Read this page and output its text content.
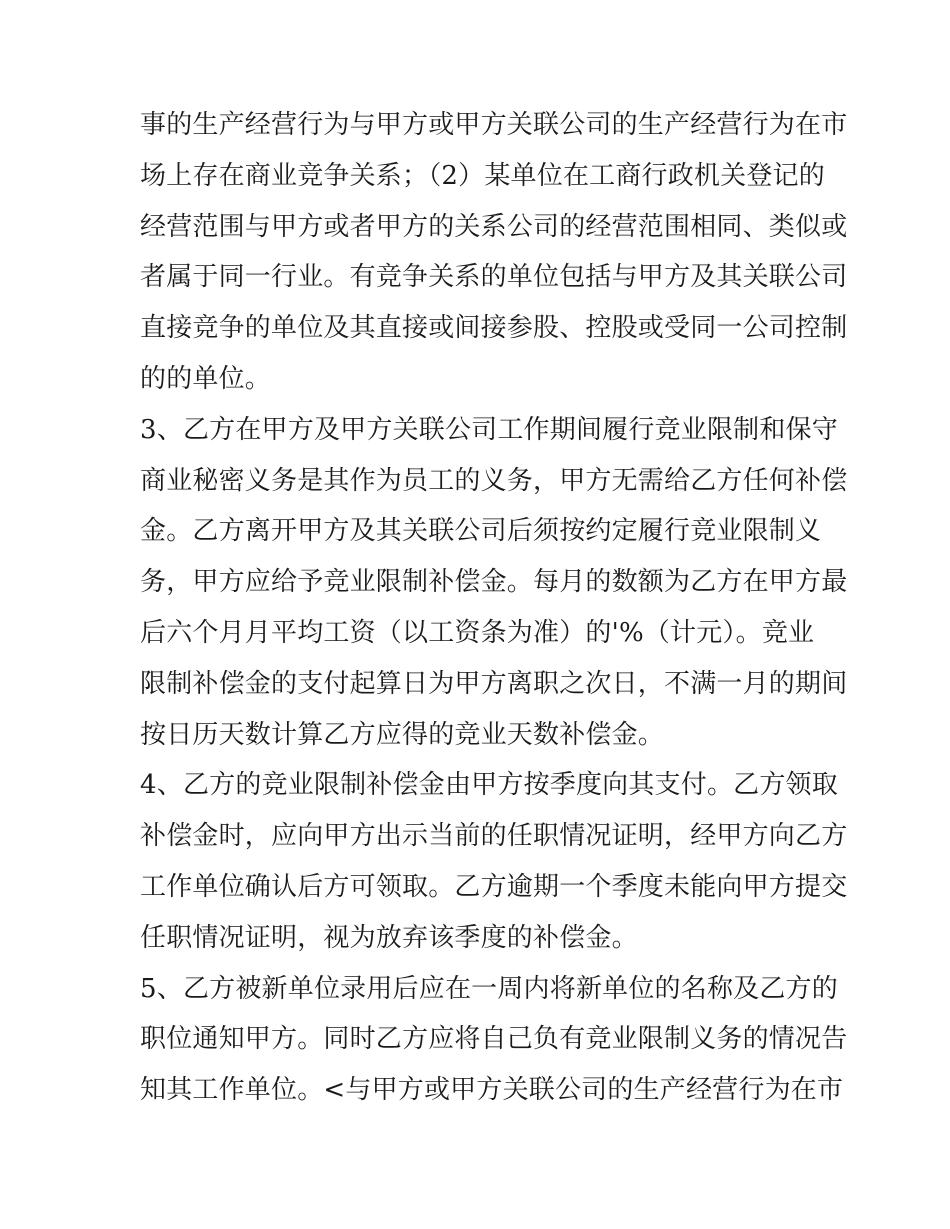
事的生产经营行为与甲方或甲方关联公司的生产经营行为在市
场上存在商业竞争关系；（2）某单位在工商行政机关登记的
经营范围与甲方或者甲方的关系公司的经营范围相同、类似或
者属于同一行业。有竞争关系的单位包括与甲方及其关联公司
直接竞争的单位及其直接或间接参股、控股或受同一公司控制
的的单位。
3、乙方在甲方及甲方关联公司工作期间履行竞业限制和保守
商业秘密义务是其作为员工的义务，甲方无需给乙方任何补偿
金。乙方离开甲方及其关联公司后须按约定履行竞业限制义
务，甲方应给予竞业限制补偿金。每月的数额为乙方在甲方最
后六个月月平均工资（以工资条为准）的'%（计元）。竞业
限制补偿金的支付起算日为甲方离职之次日，不满一月的期间
按日历天数计算乙方应得的竞业天数补偿金。
4、乙方的竞业限制补偿金由甲方按季度向其支付。乙方领取
补偿金时，应向甲方出示当前的任职情况证明，经甲方向乙方
工作单位确认后方可领取。乙方逾期一个季度未能向甲方提交
任职情况证明，视为放弃该季度的补偿金。
5、乙方被新单位录用后应在一周内将新单位的名称及乙方的
职位通知甲方。同时乙方应将自己负有竞业限制义务的情况告
知其工作单位。<与甲方或甲方关联公司的生产经营行为在市
